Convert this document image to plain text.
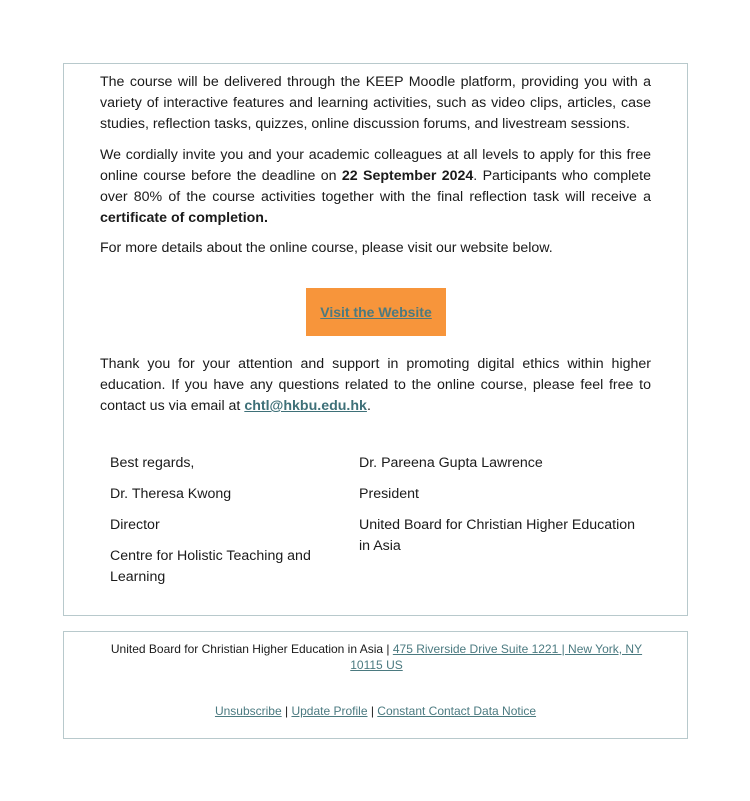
The course will be delivered through the KEEP Moodle platform, providing you with a variety of interactive features and learning activities, such as video clips, articles, case studies, reflection tasks, quizzes, online discussion forums, and livestream sessions.

We cordially invite you and your academic colleagues at all levels to apply for this free online course before the deadline on 22 September 2024. Participants who complete over 80% of the course activities together with the final reflection task will receive a certificate of completion.

For more details about the online course, please visit our website below.

Visit the Website

Thank you for your attention and support in promoting digital ethics within higher education. If you have any questions related to the online course, please feel free to contact us via email at chtl@hkbu.edu.hk.

Best regards,

Dr. Theresa Kwong

Director

Centre for Holistic Teaching and Learning

Dr. Pareena Gupta Lawrence

President

United Board for Christian Higher Education in Asia

United Board for Christian Higher Education in Asia | 475 Riverside Drive Suite 1221 | New York, NY 10115 US
Unsubscribe | Update Profile | Constant Contact Data Notice
